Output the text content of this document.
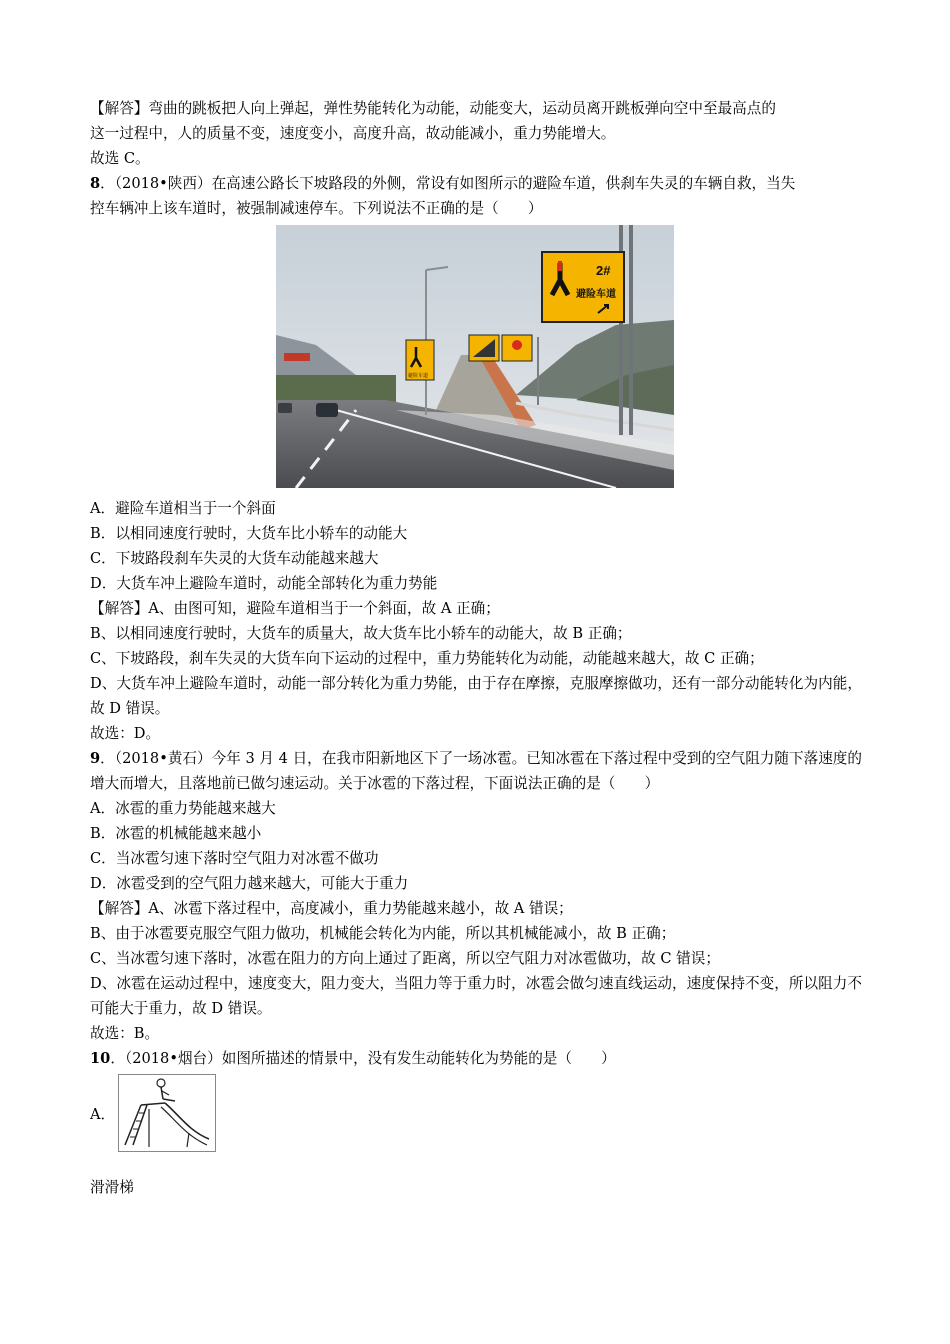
【解答】弯曲的跳板把人向上弹起，弹性势能转化为动能，动能变大，运动员离开跳板弹向空中至最高点的
这一过程中，人的质量不变，速度变小，高度升高，故动能减小，重力势能增大。
故选 C。
8．（2018•陕西）在高速公路长下坡路段的外侧，常设有如图所示的避险车道，供刹车失灵的车辆自救，当失
控车辆冲上该车道时，被强制减速停车。下列说法不正确的是（　　）
2#
避险车道
避险车道
A．避险车道相当于一个斜面
B．以相同速度行驶时，大货车比小轿车的动能大
C．下坡路段刹车失灵的大货车动能越来越大
D．大货车冲上避险车道时，动能全部转化为重力势能
【解答】A、由图可知，避险车道相当于一个斜面，故 A 正确；
B、以相同速度行驶时，大货车的质量大，故大货车比小轿车的动能大，故 B 正确；
C、下坡路段，刹车失灵的大货车向下运动的过程中，重力势能转化为动能，动能越来越大，故 C 正确；
D、大货车冲上避险车道时，动能一部分转化为重力势能，由于存在摩擦，克服摩擦做功，还有一部分动能转化为内能，故 D 错误。
故选：D。
9．（2018•黄石）今年 3 月 4 日，在我市阳新地区下了一场冰雹。已知冰雹在下落过程中受到的空气阻力随下落速度的增大而增大，且落地前已做匀速运动。关于冰雹的下落过程，下面说法正确的是（　　）
A．冰雹的重力势能越来越大
B．冰雹的机械能越来越小
C．当冰雹匀速下落时空气阻力对冰雹不做功
D．冰雹受到的空气阻力越来越大，可能大于重力
【解答】A、冰雹下落过程中，高度减小，重力势能越来越小，故 A 错误；
B、由于冰雹要克服空气阻力做功，机械能会转化为内能，所以其机械能减小，故 B 正确；
C、当冰雹匀速下落时，冰雹在阻力的方向上通过了距离，所以空气阻力对冰雹做功，故 C 错误；
D、冰雹在运动过程中，速度变大，阻力变大，当阻力等于重力时，冰雹会做匀速直线运动，速度保持不变，所以阻力不可能大于重力，故 D 错误。
故选：B。
10．（2018•烟台）如图所描述的情景中，没有发生动能转化为势能的是（　　）
A．
滑滑梯
